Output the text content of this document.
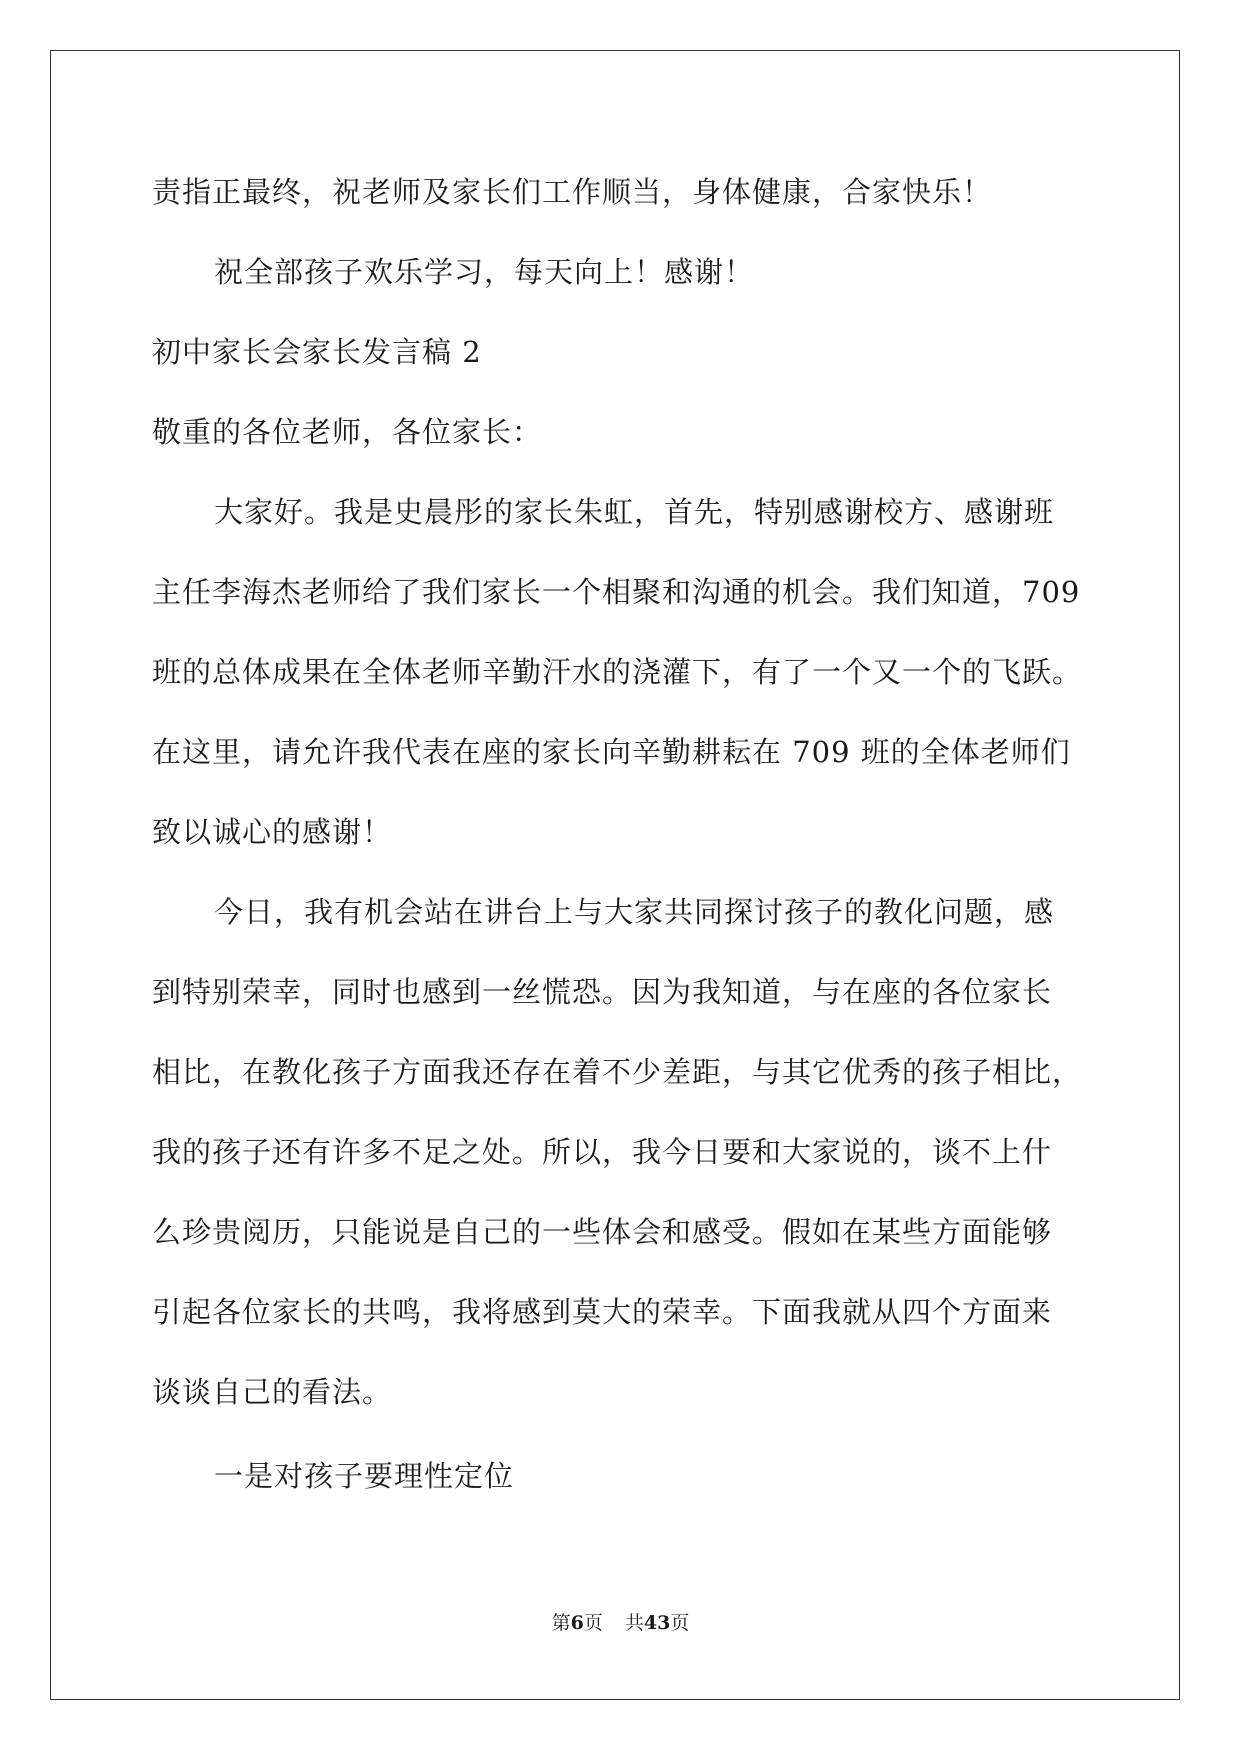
责指正最终，祝老师及家长们工作顺当，身体健康，合家快乐！
祝全部孩子欢乐学习，每天向上！感谢！
初中家长会家长发言稿 2
敬重的各位老师，各位家长：
大家好。我是史晨彤的家长朱虹，首先，特别感谢校方、感谢班
主任李海杰老师给了我们家长一个相聚和沟通的机会。我们知道，709
班的总体成果在全体老师辛勤汗水的浇灌下，有了一个又一个的飞跃。
在这里，请允许我代表在座的家长向辛勤耕耘在 709 班的全体老师们
致以诚心的感谢！
今日，我有机会站在讲台上与大家共同探讨孩子的教化问题，感
到特别荣幸，同时也感到一丝慌恐。因为我知道，与在座的各位家长
相比，在教化孩子方面我还存在着不少差距，与其它优秀的孩子相比，
我的孩子还有许多不足之处。所以，我今日要和大家说的，谈不上什
么珍贵阅历，只能说是自己的一些体会和感受。假如在某些方面能够
引起各位家长的共鸣，我将感到莫大的荣幸。下面我就从四个方面来
谈谈自己的看法。
一是对孩子要理性定位
第6页 共43页
